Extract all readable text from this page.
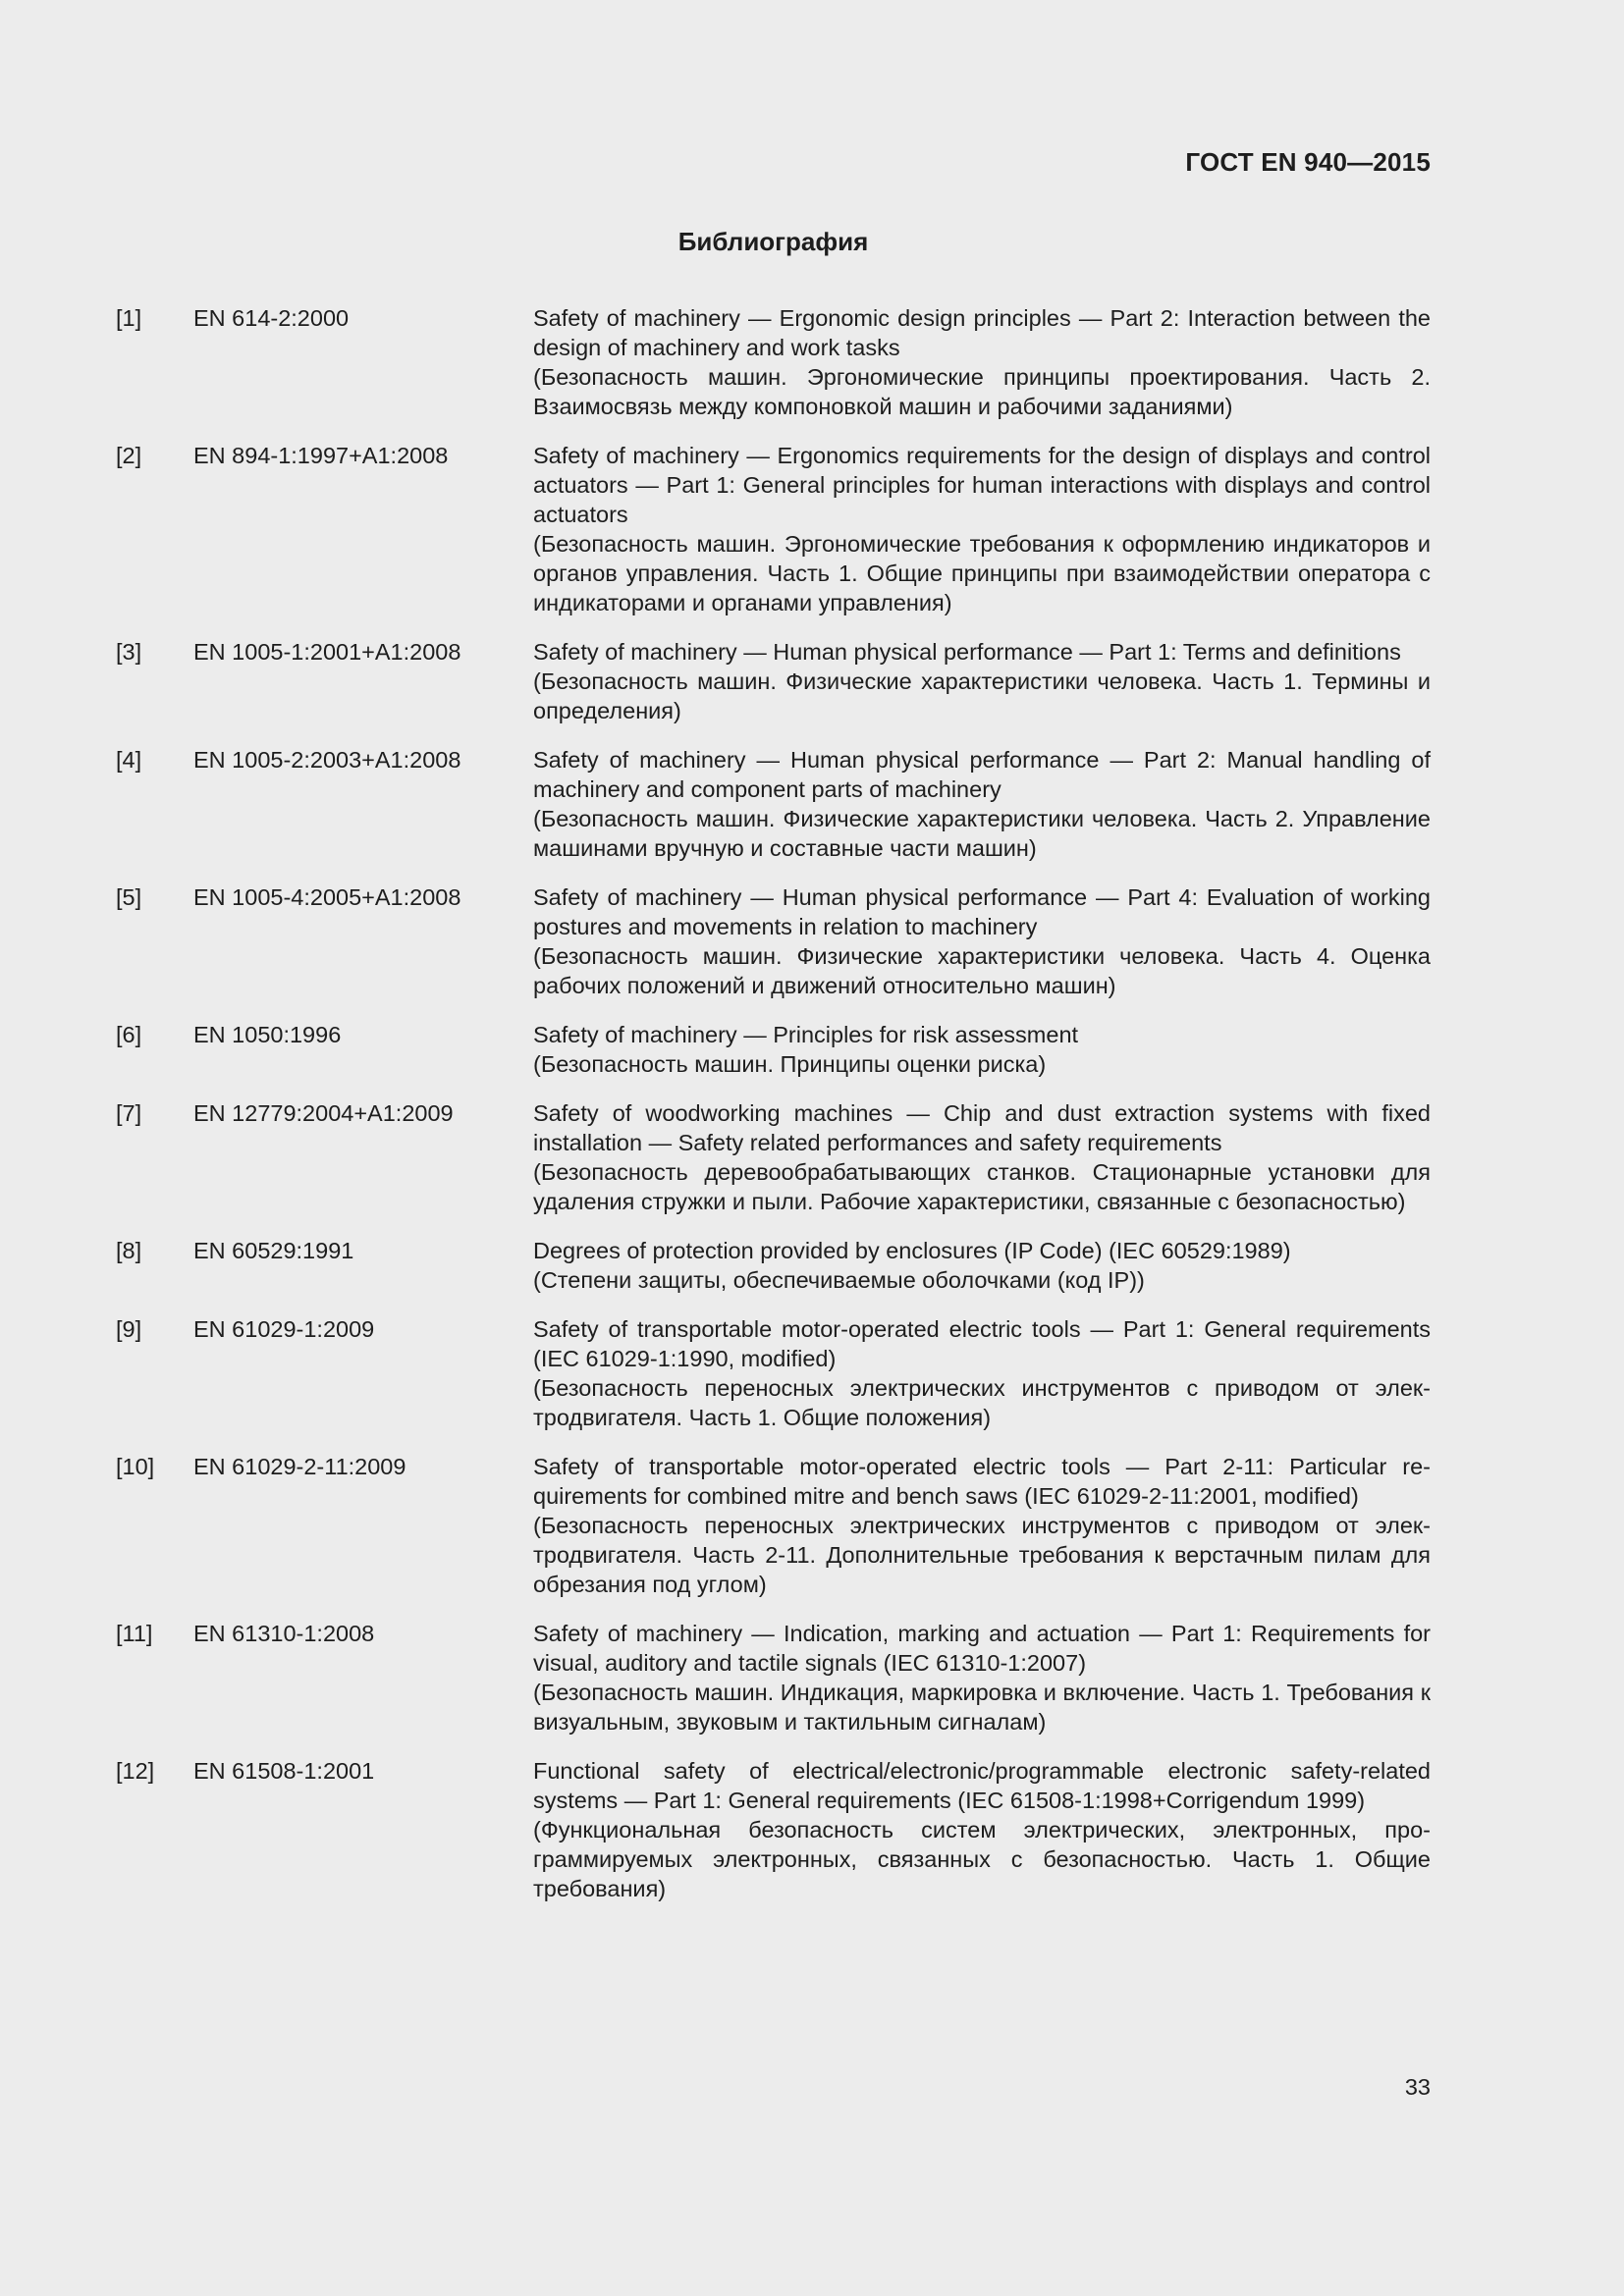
ГОСТ EN 940—2015
Библиография
[1]	EN 614-2:2000	Safety of machinery — Ergonomic design principles — Part 2: Interaction between the design of machinery and work tasks
(Безопасность машин. Эргономические принципы проектирования. Часть 2. Взаимосвязь между компоновкой машин и рабочими заданиями)
[2]	EN 894-1:1997+A1:2008	Safety of machinery — Ergonomics requirements for the design of displays and control actuators — Part 1: General principles for human interactions with displays and control actuators
(Безопасность машин. Эргономические требования к оформлению индикаторов и органов управления. Часть 1. Общие принципы при взаимодействии оператора с индикаторами и органами управления)
[3]	EN 1005-1:2001+A1:2008	Safety of machinery — Human physical performance — Part 1: Terms and definitions
(Безопасность машин. Физические характеристики человека. Часть 1. Термины и определения)
[4]	EN 1005-2:2003+A1:2008	Safety of machinery — Human physical performance — Part 2: Manual handling of machinery and component parts of machinery
(Безопасность машин. Физические характеристики человека. Часть 2. Управление машинами вручную и составные части машин)
[5]	EN 1005-4:2005+A1:2008	Safety of machinery — Human physical performance — Part 4: Evaluation of working postures and movements in relation to machinery
(Безопасность машин. Физические характеристики человека. Часть 4. Оценка рабочих положений и движений относительно машин)
[6]	EN 1050:1996	Safety of machinery — Principles for risk assessment
(Безопасность машин. Принципы оценки риска)
[7]	EN 12779:2004+A1:2009	Safety of woodworking machines — Chip and dust extraction systems with fixed installation — Safety related performances and safety requirements
(Безопасность деревообрабатывающих станков. Стационарные установки для удаления стружки и пыли. Рабочие характеристики, связанные с безопасностью)
[8]	EN 60529:1991	Degrees of protection provided by enclosures (IP Code) (IEC 60529:1989)
(Степени защиты, обеспечиваемые оболочками (код IP))
[9]	EN 61029-1:2009	Safety of transportable motor-operated electric tools — Part 1: General requirements (IEC 61029-1:1990, modified)
(Безопасность переносных электрических инструментов с приводом от электродвигателя. Часть 1. Общие положения)
[10]	EN 61029-2-11:2009	Safety of transportable motor-operated electric tools — Part 2-11: Particular requirements for combined mitre and bench saws (IEC 61029-2-11:2001, modified)
(Безопасность переносных электрических инструментов с приводом от электродвигателя. Часть 2-11. Дополнительные требования к верстачным пилам для обрезания под углом)
[11]	EN 61310-1:2008	Safety of machinery — Indication, marking and actuation — Part 1: Requirements for visual, auditory and tactile signals (IEC 61310-1:2007)
(Безопасность машин. Индикация, маркировка и включение. Часть 1. Требования к визуальным, звуковым и тактильным сигналам)
[12]	EN 61508-1:2001	Functional safety of electrical/electronic/programmable electronic safety-related systems — Part 1: General requirements (IEC 61508-1:1998+Corrigendum 1999)
(Функциональная безопасность систем электрических, электронных, программируемых электронных, связанных с безопасностью. Часть 1. Общие требования)
33
